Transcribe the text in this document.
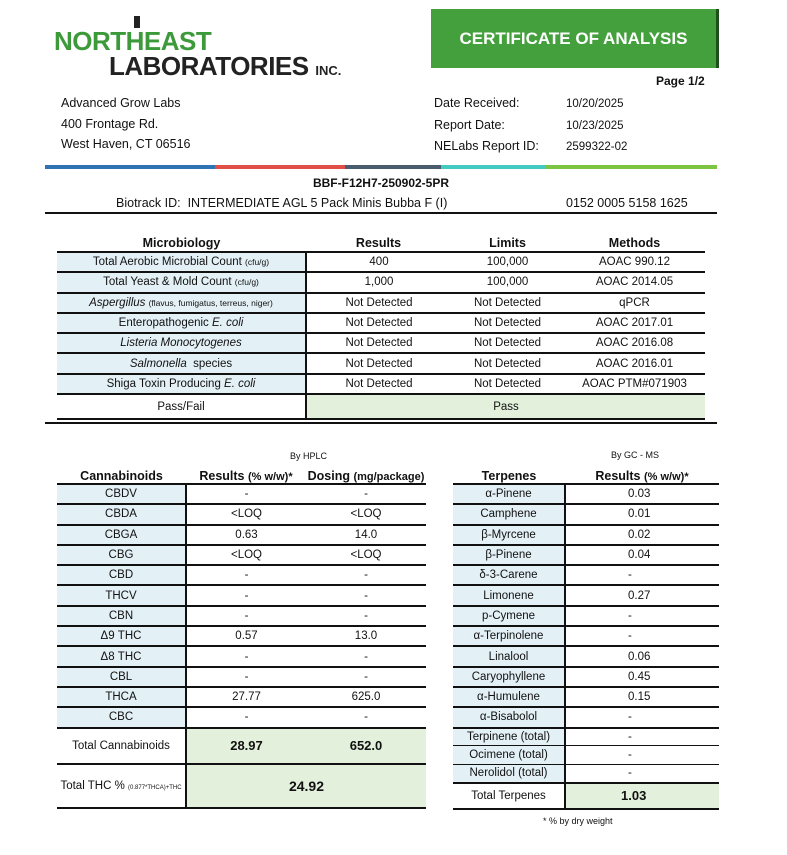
NORTHEAST
LABORATORIES INC.
CERTIFICATE OF ANALYSIS
Page 1/2
Advanced Grow Labs
400 Frontage Rd.
West Haven, CT 06516
Date Received:	10/20/2025
Report Date:	10/23/2025
NELabs Report ID: 2599322-02
BBF-F12H7-250902-5PR
Biotrack ID: INTERMEDIATE AGL 5 Pack Minis Bubba F (I)	0152 0005 5158 1625
Microbiology	Results	Limits	Methods
Total Aerobic Microbial Count (cfu/g)	400	100,000	AOAC 990.12
Total Yeast & Mold Count (cfu/g)	1,000	100,000	AOAC 2014.05
Aspergillus (flavus, fumigatus, terreus, niger)	Not Detected	Not Detected	qPCR
Enteropathogenic E. coli	Not Detected	Not Detected	AOAC 2017.01
Listeria Monocytogenes	Not Detected	Not Detected	AOAC 2016.08
Salmonella species	Not Detected	Not Detected	AOAC 2016.01
Shiga Toxin Producing E. coli	Not Detected	Not Detected	AOAC PTM#071903
Pass/Fail	Pass		
By HPLC	By GC - MS
Cannabinoids	Results (% w/w)*	Dosing (mg/package)
CBDV	-	-
CBDA	<LOQ	<LOQ
CBGA	0.63	14.0
CBG	<LOQ	<LOQ
CBD	-	-
THCV	-	-
CBN	-	-
Δ9 THC	0.57	13.0
Δ8 THC	-	-
CBL	-	-
THCA	27.77	625.0
CBC	-	-
Total Cannabinoids	28.97	652.0
Total THC % (0.877*THCA)+THC	24.92	
Terpenes	Results (% w/w)*
α-Pinene	0.03
Camphene	0.01
β-Myrcene	0.02
β-Pinene	0.04
δ-3-Carene	-
Limonene	0.27
p-Cymene	-
α-Terpinolene	-
Linalool	0.06
Caryophyllene	0.45
α-Humulene	0.15
α-Bisabolol	-
Terpinene (total)	-
Ocimene (total)	-
Nerolidol (total)	-
Total Terpenes	1.03
* % by dry weight
